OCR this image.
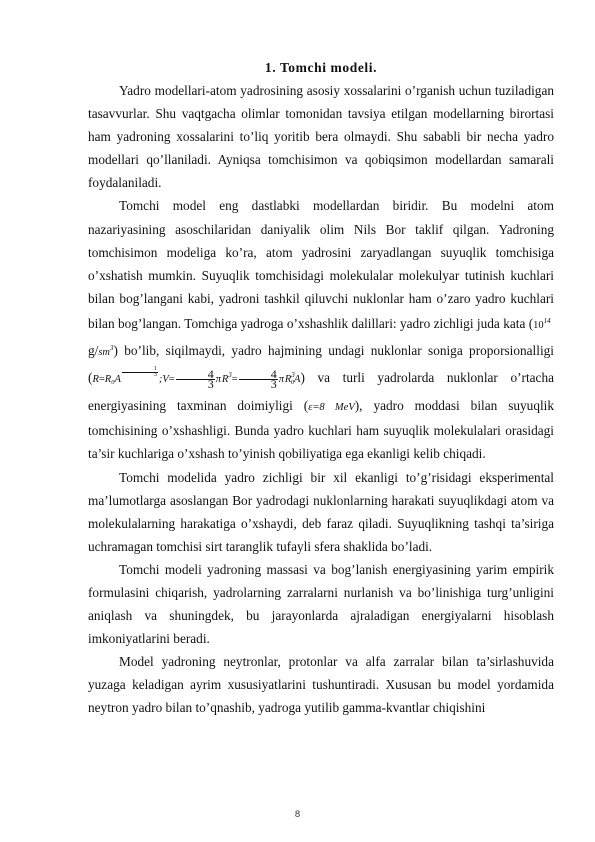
1. Tomchi modeli.

Yadro modellari-atom yadrosining asosiy xossalarini o’rganish uchun tuziladigan tasavvurlar. Shu vaqtgacha olimlar tomonidan tavsiya etilgan modellarning birortasi ham yadroning xossalarini to’liq yoritib bera olmaydi. Shu sababli bir necha yadro modellari qo’llaniladi. Ayniqsa tomchisimon va qobiqsimon modellardan samarali foydalaniladi.

Tomchi model eng dastlabki modellardan biridir. Bu modelni atom nazariyasining asoschilaridan daniyalik olim Nils Bor taklif qilgan. Yadroning tomchisimon modeliga ko’ra, atom yadrosini zaryadlangan suyuqlik tomchisiga o’xshatish mumkin. Suyuqlik tomchisidagi molekulalar molekulyar tutinish kuchlari bilan bog’langani kabi, yadroni tashkil qiluvchi nuklonlar ham o’zaro yadro kuchlari bilan bog’langan. Tomchiga yadroga o’xshashlik dalillari: yadro zichligi juda kata ($10^{14}$  $g/sm^3$) bo’lib, siqilmaydi, yadro hajmining undagi nuklonlar soniga proporsionalligi ($R=R_0A$
$\frac{1}{3}$
;V= $\frac{4}{3}$ π $R^3= \frac{4}{3}$ π $R^3_0A$) va turli yadrolarda nuklonlar o’rtacha energiyasining taxminan doimiyligi (ε=8 MeV), yadro moddasi bilan suyuqlik tomchisining o’xshashligi. Bunda yadro kuchlari ham suyuqlik molekulalari orasidagi ta’sir kuchlariga o’xshash to’yinish qobiliyatiga ega ekanligi kelib chiqadi.

Tomchi modelida yadro zichligi bir xil ekanligi to’g’risidagi eksperimental ma’lumotlarga asoslangan Bor yadrodagi nuklonlarning harakati suyuqlikdagi atom va molekulalarning harakatiga o’xshaydi, deb faraz qiladi. Suyuqlikning tashqi ta’siriga uchramagan tomchisi sirt taranglik tufayli sfera shaklida bo’ladi.

Tomchi modeli yadroning massasi va bog’lanish energiyasining yarim empirik formulasini chiqarish, yadrolarning zarralarni nurlanish va bo’linishiga turg’unligini aniqlash va shuningdek, bu jarayonlarda ajraladigan energiyalarni hisoblash imkoniyatlarini beradi.

Model yadroning neytronlar, protonlar va alfa zarralar bilan ta’sirlashuvida yuzaga keladigan ayrim xususiyatlarini tushuntiradi. Xususan bu model yordamida neytron yadro bilan to’qnashib, yadroga yutilib gamma-kvantlar chiqishini

8
